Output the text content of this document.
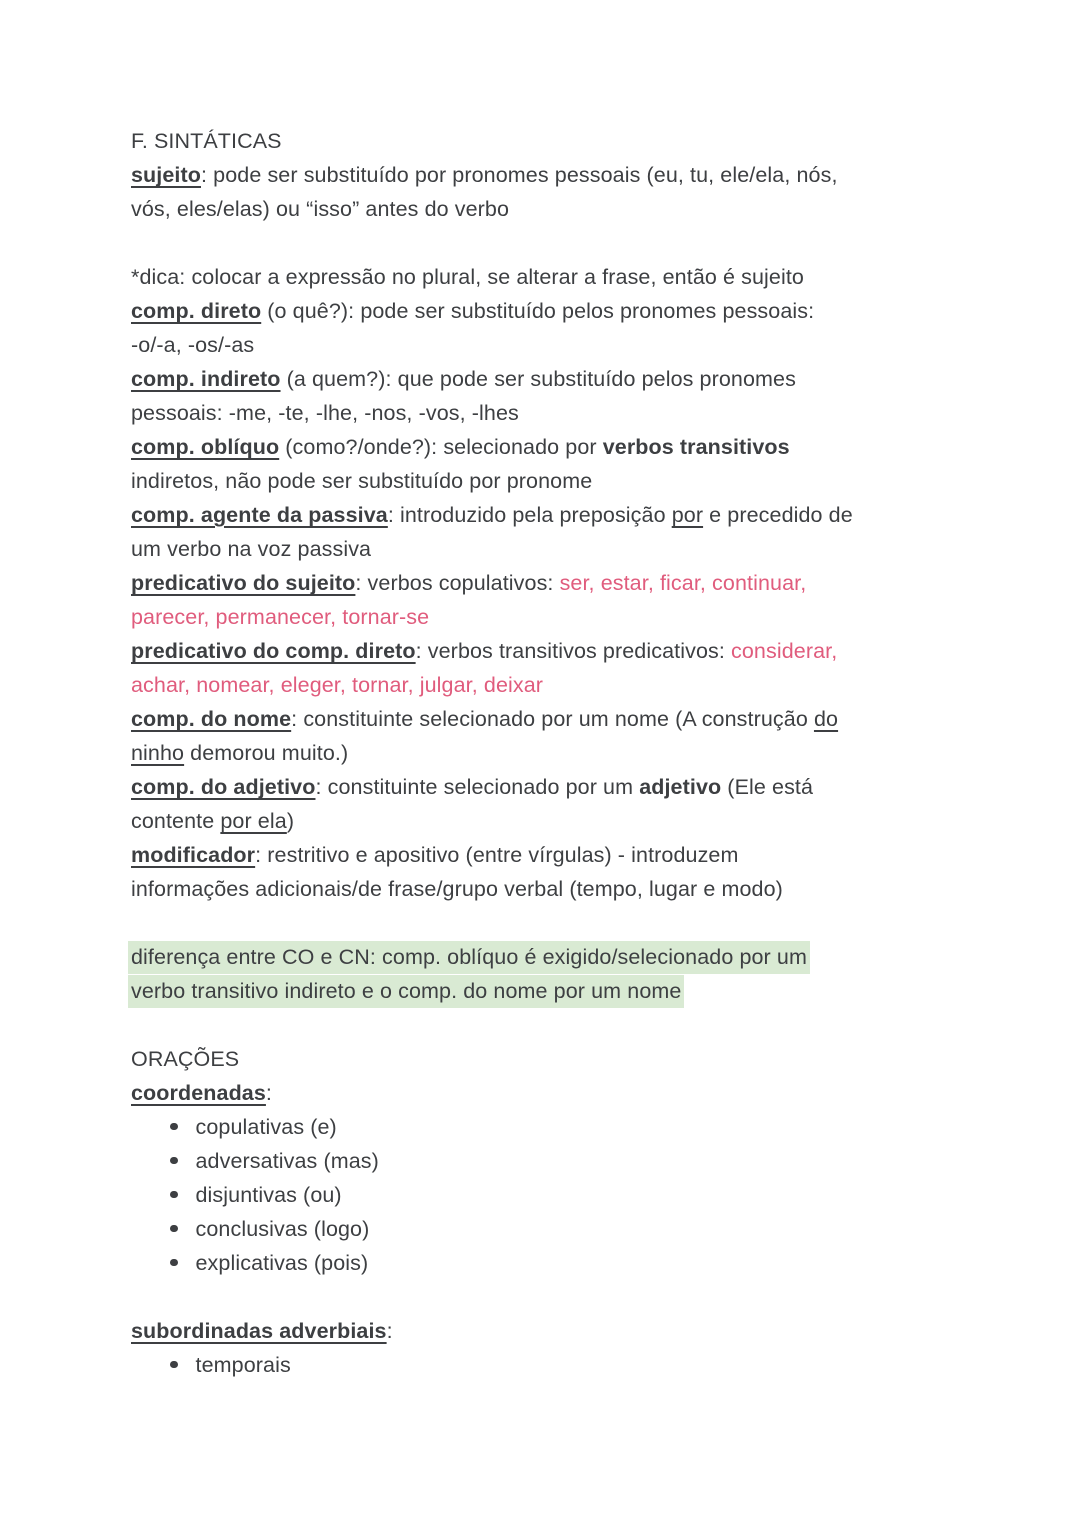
F. SINTÁTICAS
sujeito: pode ser substituído por pronomes pessoais (eu, tu, ele/ela, nós,
vós, eles/elas) ou “isso” antes do verbo
*dica: colocar a expressão no plural, se alterar a frase, então é sujeito
comp. direto (o quê?): pode ser substituído pelos pronomes pessoais:
-o/-a, -os/-as
comp. indireto (a quem?): que pode ser substituído pelos pronomes
pessoais: -me, -te, -lhe, -nos, -vos, -lhes
comp. oblíquo (como?/onde?): selecionado por verbos transitivos
indiretos, não pode ser substituído por pronome
comp. agente da passiva: introduzido pela preposição por e precedido de
um verbo na voz passiva
predicativo do sujeito: verbos copulativos: ser, estar, ficar, continuar,
parecer, permanecer, tornar-se
predicativo do comp. direto: verbos transitivos predicativos: considerar,
achar, nomear, eleger, tornar, julgar, deixar
comp. do nome: constituinte selecionado por um nome (A construção do
ninho demorou muito.)
comp. do adjetivo: constituinte selecionado por um adjetivo (Ele está
contente por ela)
modificador: restritivo e apositivo (entre vírgulas) - introduzem
informações adicionais/de frase/grupo verbal (tempo, lugar e modo)
diferença entre CO e CN: comp. oblíquo é exigido/selecionado por um
verbo transitivo indireto e o comp. do nome por um nome
ORAÇÕES
coordenadas:
copulativas (e)
adversativas (mas)
disjuntivas (ou)
conclusivas (logo)
explicativas (pois)
subordinadas adverbiais:
temporais
